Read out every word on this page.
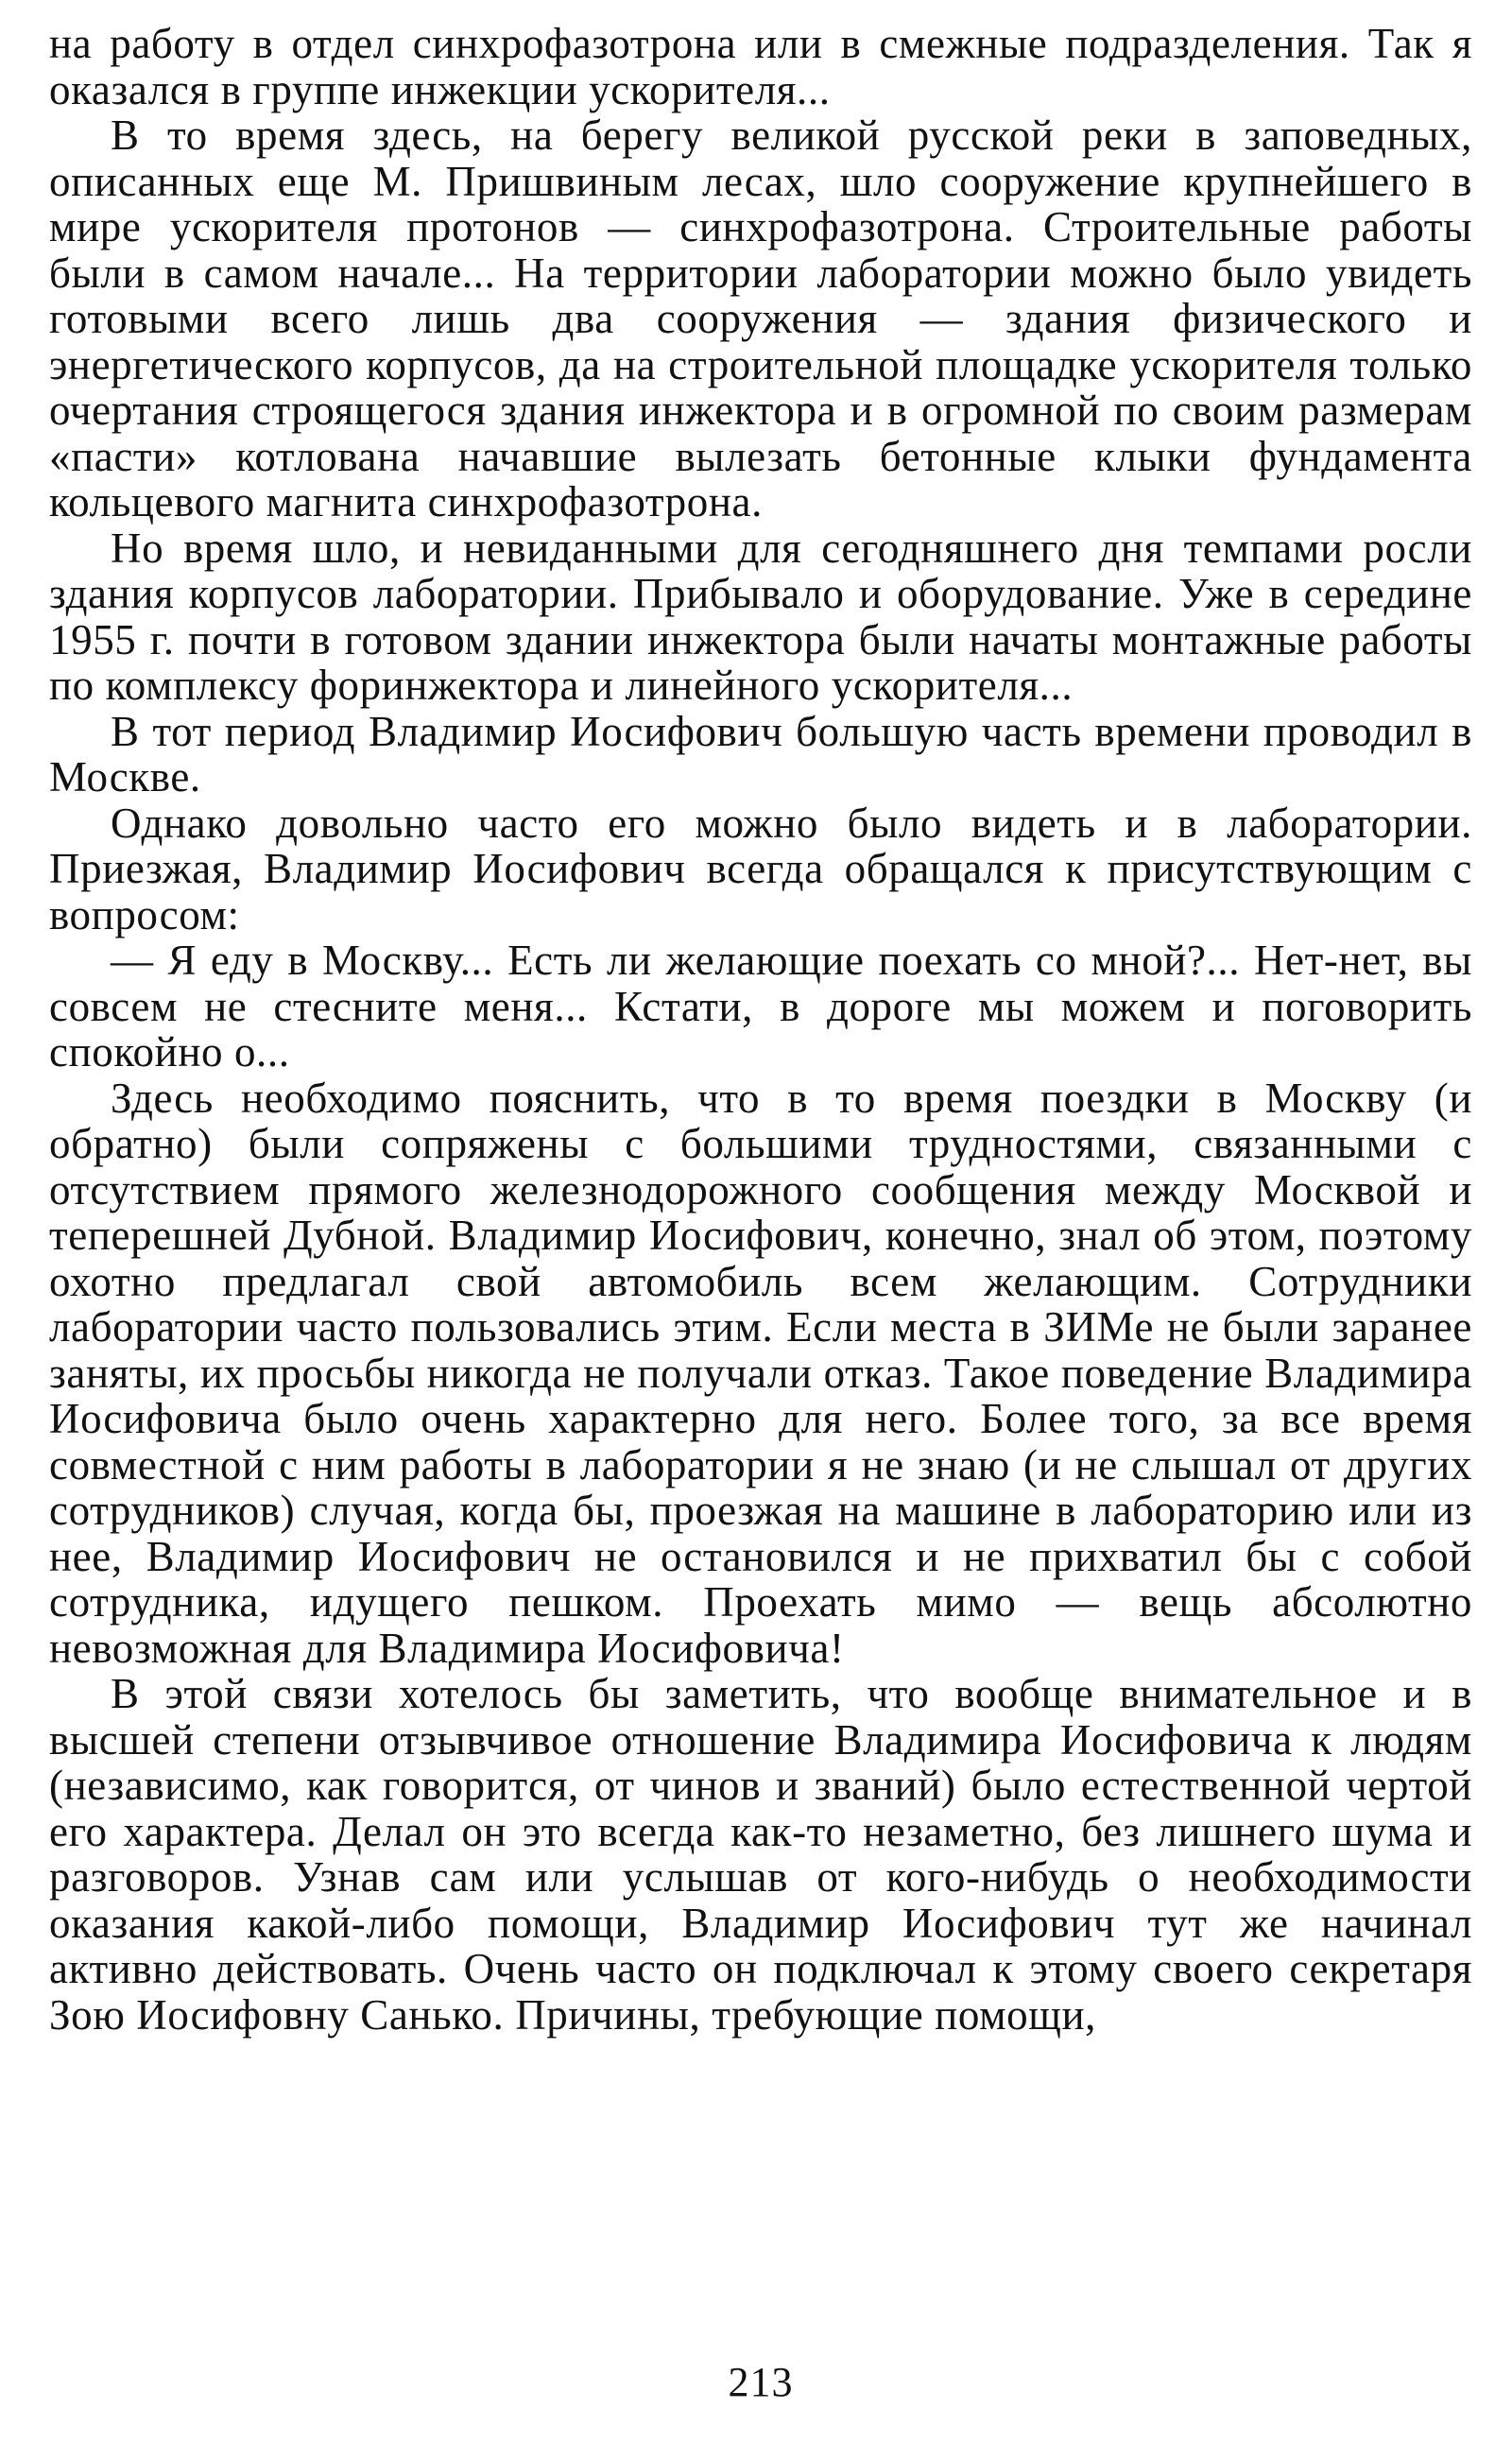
на работу в отдел синхрофазотрона или в смежные подразделения. Так я оказался в группе инжекции ускорителя...

В то время здесь, на берегу великой русской реки в заповедных, описанных еще М. Пришвиным лесах, шло сооружение крупнейшего в мире ускорителя протонов — синхрофазотрона. Строительные работы были в самом начале... На территории лаборатории можно было увидеть готовыми всего лишь два сооружения — здания физического и энергетического корпусов, да на строительной площадке ускорителя только очертания строящегося здания инжектора и в огромной по своим размерам «пасти» котлована начавшие вылезать бетонные клыки фундамента кольцевого магнита синхрофазотрона.

Но время шло, и невиданными для сегодняшнего дня темпами росли здания корпусов лаборатории. Прибывало и оборудование. Уже в середине 1955 г. почти в готовом здании инжектора были начаты монтажные работы по комплексу форинжектора и линейного ускорителя...

В тот период Владимир Иосифович большую часть времени проводил в Москве.

Однако довольно часто его можно было видеть и в лаборатории. Приезжая, Владимир Иосифович всегда обращался к присутствующим с вопросом:

— Я еду в Москву... Есть ли желающие поехать со мной?... Нет-нет, вы совсем не стесните меня... Кстати, в дороге мы можем и поговорить спокойно о...

Здесь необходимо пояснить, что в то время поездки в Москву (и обратно) были сопряжены с большими трудностями, связанными с отсутствием прямого железнодорожного сообщения между Москвой и теперешней Дубной. Владимир Иосифович, конечно, знал об этом, поэтому охотно предлагал свой автомобиль всем желающим. Сотрудники лаборатории часто пользовались этим. Если места в ЗИМе не были заранее заняты, их просьбы никогда не получали отказ. Такое поведение Владимира Иосифовича было очень характерно для него. Более того, за все время совместной с ним работы в лаборатории я не знаю (и не слышал от других сотрудников) случая, когда бы, проезжая на машине в лабораторию или из нее, Владимир Иосифович не остановился и не прихватил бы с собой сотрудника, идущего пешком. Проехать мимо — вещь абсолютно невозможная для Владимира Иосифовича!

В этой связи хотелось бы заметить, что вообще внимательное и в высшей степени отзывчивое отношение Владимира Иосифовича к людям (независимо, как говорится, от чинов и званий) было естественной чертой его характера. Делал он это всегда как-то незаметно, без лишнего шума и разговоров. Узнав сам или услышав от кого-нибудь о необходимости оказания какой-либо помощи, Владимир Иосифович тут же начинал активно действовать. Очень часто он подключал к этому своего секретаря Зою Иосифовну Санько. Причины, требующие помощи,

213
